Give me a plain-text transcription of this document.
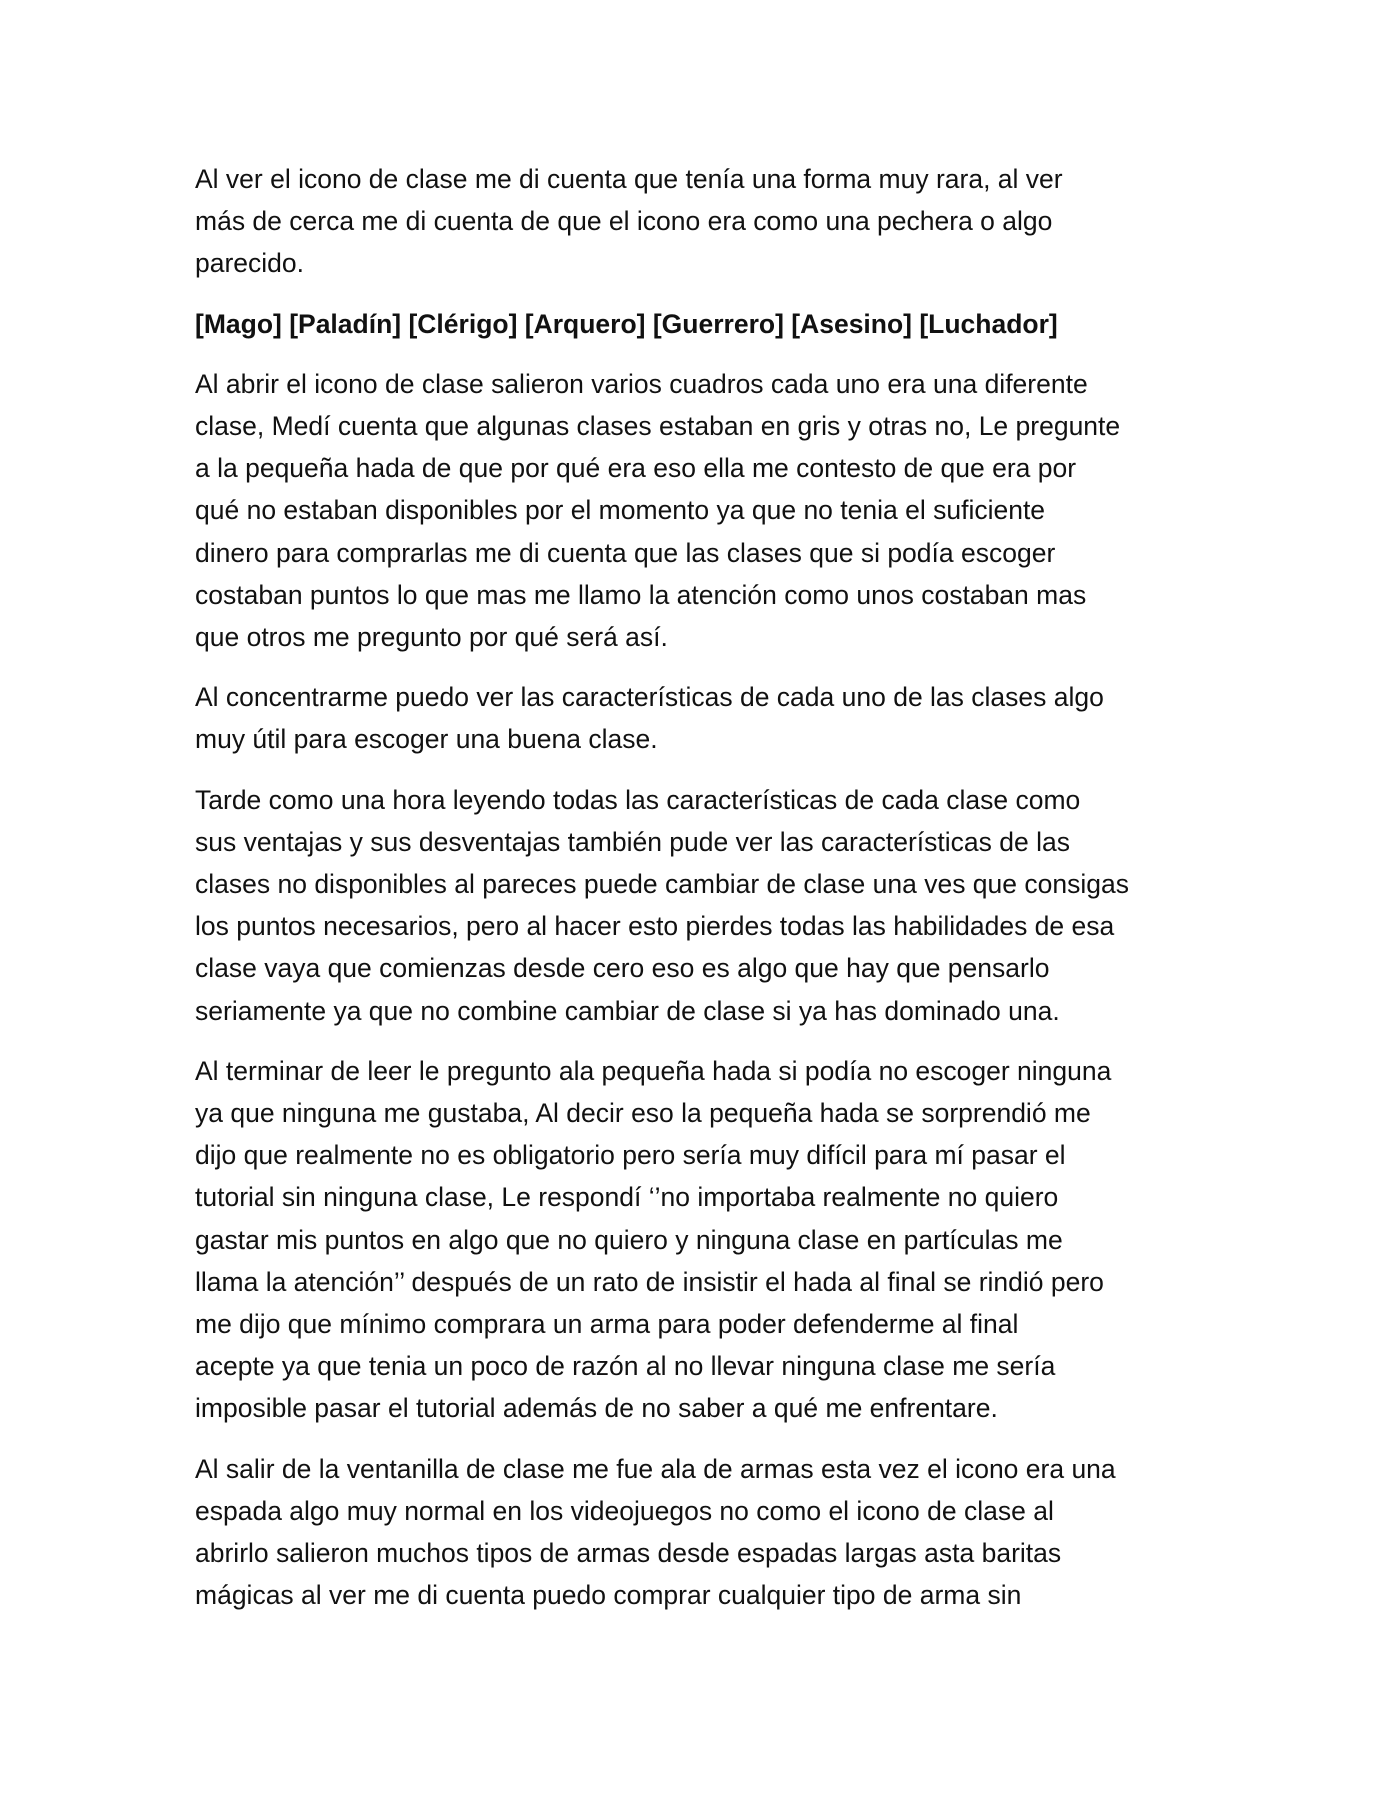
Al ver el icono de clase me di cuenta que tenía una forma muy rara, al ver
más de cerca me di cuenta de que el icono era como una pechera o algo
parecido.

[Mago] [Paladín] [Clérigo] [Arquero] [Guerrero] [Asesino] [Luchador]

Al abrir el icono de clase salieron varios cuadros cada uno era una diferente
clase, Medí cuenta que algunas clases estaban en gris y otras no, Le pregunte
a la pequeña hada de que por qué era eso ella me contesto de que era por
qué no estaban disponibles por el momento ya que no tenia el suficiente
dinero para comprarlas me di cuenta que las clases que si podía escoger
costaban puntos lo que mas me llamo la atención como unos costaban mas
que otros me pregunto por qué será así.

Al concentrarme puedo ver las características de cada uno de las clases algo
muy útil para escoger una buena clase.

Tarde como una hora leyendo todas las características de cada clase como
sus ventajas y sus desventajas también pude ver las características de las
clases no disponibles al pareces puede cambiar de clase una ves que consigas
los puntos necesarios, pero al hacer esto pierdes todas las habilidades de esa
clase vaya que comienzas desde cero eso es algo que hay que pensarlo
seriamente ya que no combine cambiar de clase si ya has dominado una.

Al terminar de leer le pregunto ala pequeña hada si podía no escoger ninguna
ya que ninguna me gustaba, Al decir eso la pequeña hada se sorprendió me
dijo que realmente no es obligatorio pero sería muy difícil para mí pasar el
tutorial sin ninguna clase, Le respondí ‘’no importaba realmente no quiero
gastar mis puntos en algo que no quiero y ninguna clase en partículas me
llama la atención’’ después de un rato de insistir el hada al final se rindió pero
me dijo que mínimo comprara un arma para poder defenderme al final
acepte ya que tenia un poco de razón al no llevar ninguna clase me sería
imposible pasar el tutorial además de no saber a qué me enfrentare.

Al salir de la ventanilla de clase me fue ala de armas esta vez el icono era una
espada algo muy normal en los videojuegos no como el icono de clase al
abrirlo salieron muchos tipos de armas desde espadas largas asta baritas
mágicas al ver me di cuenta puedo comprar cualquier tipo de arma sin
